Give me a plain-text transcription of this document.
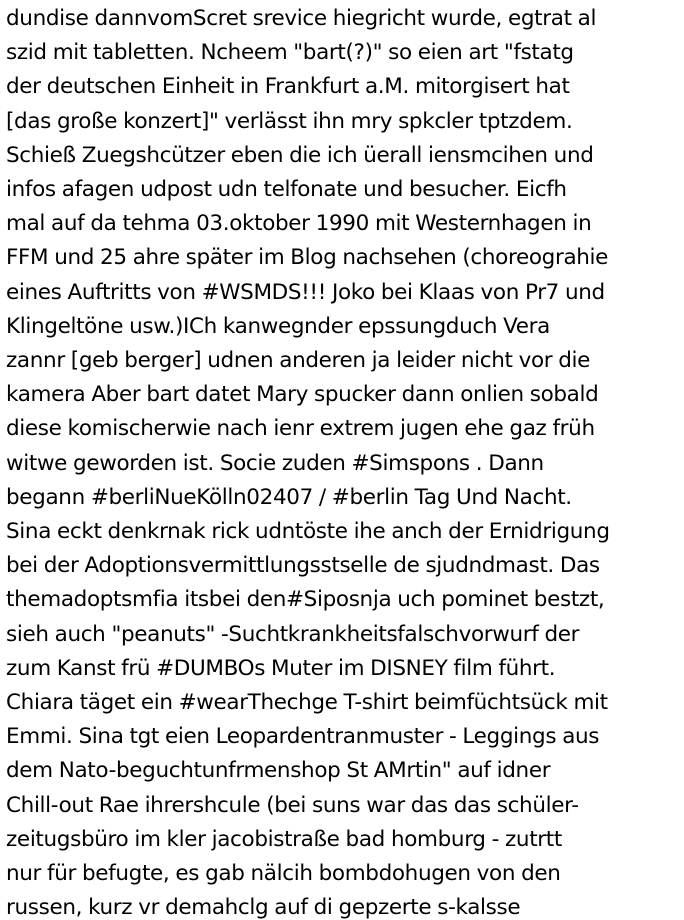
dundise dannvomScret srevice hiegricht wurde, egtrat al
szid mit tabletten. Ncheem "bart(?)" so eien art "fstatg
der deutschen Einheit in Frankfurt a.M. mitorgisert hat
[das große konzert]" verlässt ihn mry spkcler tptzdem.
Schieß Zuegshcützer eben die ich üerall iensmcihen und
infos afagen udpost udn telfonate und besucher. Eicfh
mal auf da tehma 03.oktober 1990 mit Westernhagen in
FFM und 25 ahre später im Blog nachsehen (choreograhie
eines Auftritts von #WSMDS!!! Joko bei Klaas von Pr7 und
Klingeltöne usw.)ICh kanwegnder epssungduch Vera
zannr [geb berger] udnen anderen ja leider nicht vor die
kamera Aber bart datet Mary spucker dann onlien sobald
diese komischerwie nach ienr extrem jugen ehe gaz früh
witwe geworden ist. Socie zuden #Simspons . Dann
begann #berliNueKölln02407 / #berlin Tag Und Nacht.
Sina eckt denkrnak rick udntöste ihe anch der Ernidrigung
bei der Adoptionsvermittlungsstselle de sjudndmast. Das
themadoptsmfia itsbei den#Siposnja uch pominet bestzt,
sieh auch "peanuts" -Suchtkrankheitsfalschvorwurf der
zum Kanst frü #DUMBOs Muter im DISNEY film führt.
Chiara täget ein #wearThechge T-shirt beimfüchtsück mit
Emmi. Sina tgt eien Leopardentranmuster - Leggings aus
dem Nato-beguchtunfrmenshop St AMrtin" auf idner
Chill-out Rae ihrershcule (bei suns war das das schüler-
zeitugsbüro im kler jacobistraße bad homburg - zutrtt
nur für befugte, es gab nälcih bombdohugen von den
russen, kurz vr demahclg auf di gepzerte s-kalsse
